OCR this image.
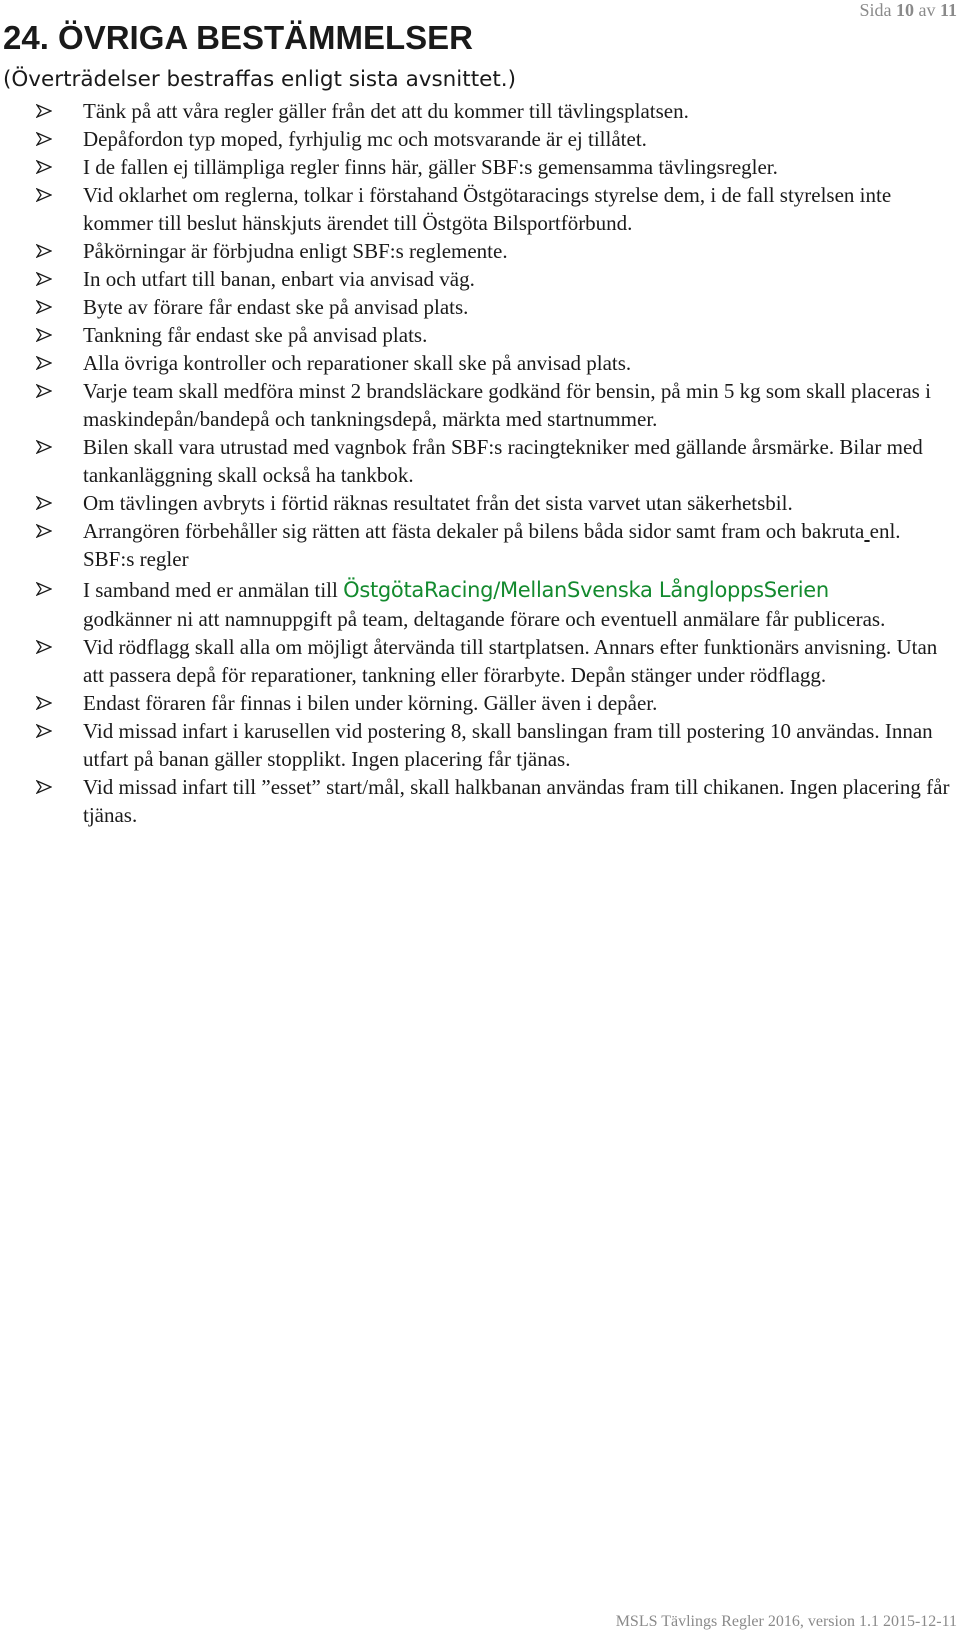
Sida 10 av 11
24. ÖVRIGA BESTÄMMELSER

(Överträdelser bestraffas enligt sista avsnittet.)

Tänk på att våra regler gäller från det att du kommer till tävlingsplatsen.
Depåfordon typ moped, fyrhjulig mc och motsvarande är ej tillåtet.
I de fallen ej tillämpliga regler finns här, gäller SBF:s gemensamma tävlingsregler.
Vid oklarhet om reglerna, tolkar i förstahand Östgötaracings styrelse dem, i de fall styrelsen inte kommer till beslut hänskjuts ärendet till Östgöta Bilsportförbund.
Påkörningar är förbjudna enligt SBF:s reglemente.
In och utfart till banan, enbart via anvisad väg.
Byte av förare får endast ske på anvisad plats.
Tankning får endast ske på anvisad plats.
Alla övriga kontroller och reparationer skall ske på anvisad plats.
Varje team skall medföra minst 2 brandsläckare godkänd för bensin, på min 5 kg som skall placeras i maskindepån/bandepå och tankningsdepå, märkta med startnummer.
Bilen skall vara utrustad med vagnbok från SBF:s racingtekniker med gällande årsmärke. Bilar med tankanläggning skall också ha tankbok.
Om tävlingen avbryts i förtid räknas resultatet från det sista varvet utan säkerhetsbil.
Arrangören förbehåller sig rätten att fästa dekaler på bilens båda sidor samt fram och bakruta enl. SBF:s regler
I samband med er anmälan till ÖstgötaRacing/MellanSvenska LångloppsSerien
godkänner ni att namnuppgift på team, deltagande förare och eventuell anmälare får publiceras.
Vid rödflagg skall alla om möjligt återvända till startplatsen. Annars efter funktionärs anvisning. Utan att passera depå för reparationer, tankning eller förarbyte. Depån stänger under rödflagg.
Endast föraren får finnas i bilen under körning. Gäller även i depåer.
Vid missad infart i karusellen vid postering 8, skall banslingan fram till postering 10 användas. Innan utfart på banan gäller stopplikt. Ingen placering får tjänas.
Vid missad infart till ”esset” start/mål, skall halkbanan användas fram till chikanen. Ingen placering får tjänas.
MSLS Tävlings Regler 2016, version 1.1 2015-12-11
